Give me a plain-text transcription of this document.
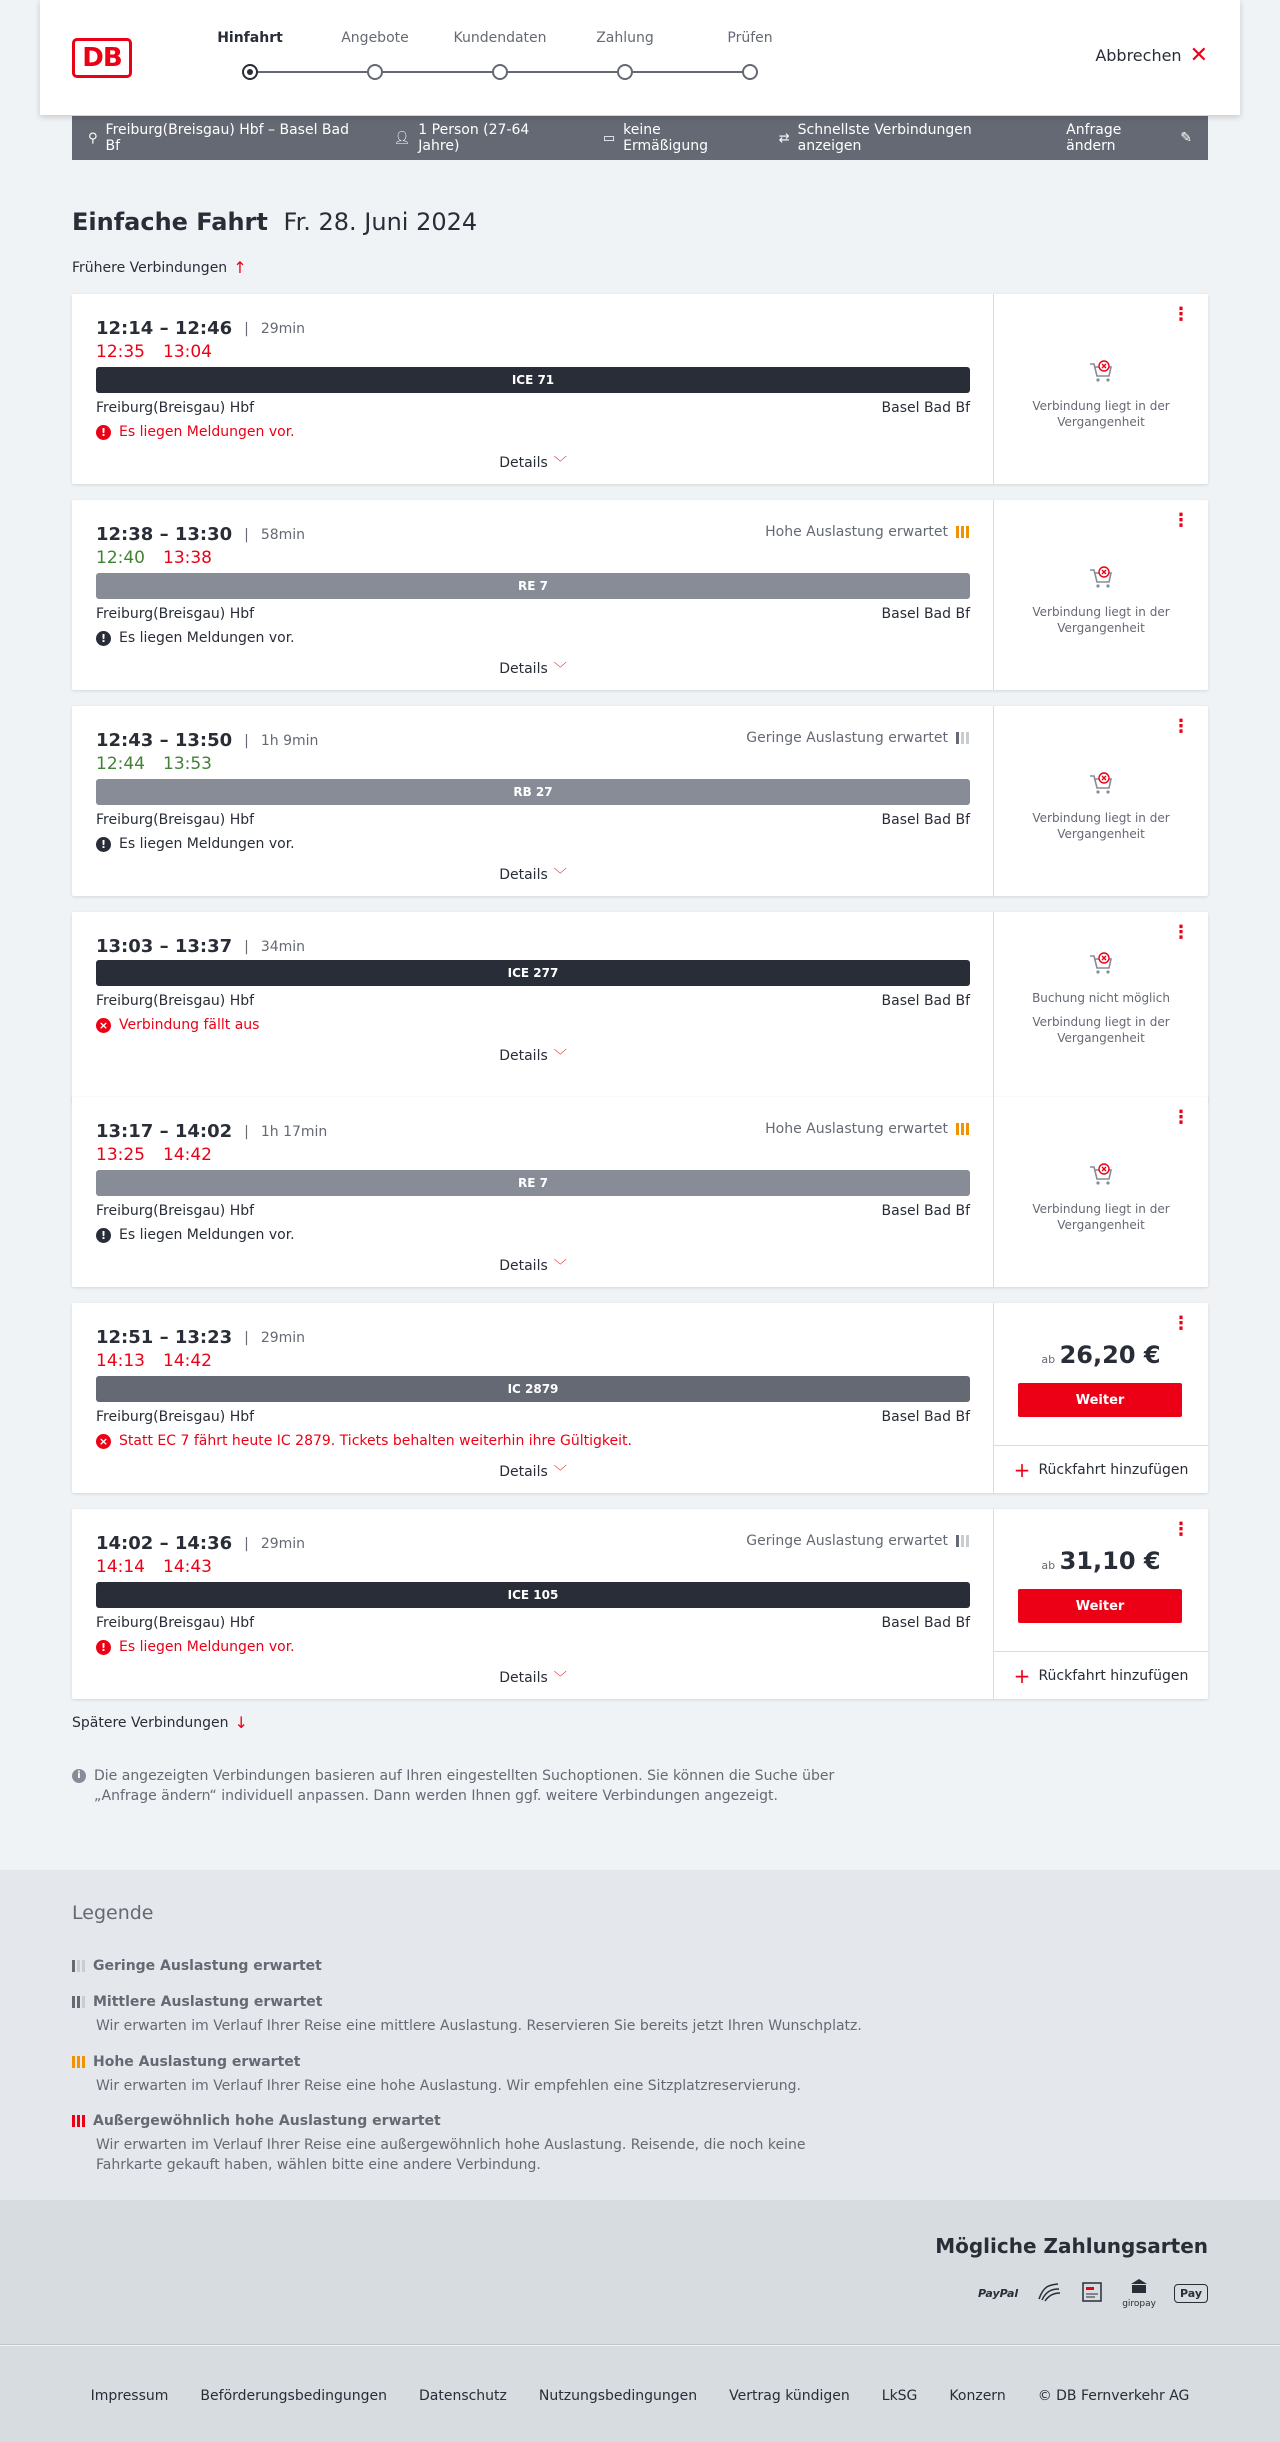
DB
Hinfahrt	Angebote	Kundendaten	Zahlung	Prüfen
Abbrechen ✕
⚲ Freiburg(Breisgau) Hbf – Basel Bad Bf	👤︎ 1 Person (27-64 Jahre)	▭ keine Ermäßigung	⇄ Schnellste Verbindungen anzeigen
Anfrage ändern	✎
Einfache Fahrt Fr. 28. Juni 2024
Frühere Verbindungen ↑
12:14 – 12:46 | 29min
12:35 13:04
ICE 71
Freiburg(Breisgau) Hbf	Basel Bad Bf
! Es liegen Meldungen vor.
Details ﹀
⋮
Verbindung liegt in der Vergangenheit
12:38 – 13:30 | 58min
12:40 13:38
Hohe Auslastung erwartet
RE 7
Freiburg(Breisgau) Hbf	Basel Bad Bf
! Es liegen Meldungen vor.
Details ﹀
⋮
Verbindung liegt in der Vergangenheit
12:43 – 13:50 | 1h 9min
12:44 13:53
Geringe Auslastung erwartet
RB 27
Freiburg(Breisgau) Hbf	Basel Bad Bf
! Es liegen Meldungen vor.
Details ﹀
⋮
Verbindung liegt in der Vergangenheit
13:03 – 13:37 | 34min
ICE 277
Freiburg(Breisgau) Hbf	Basel Bad Bf
× Verbindung fällt aus
Details ﹀
⋮
Buchung nicht möglich
Verbindung liegt in der Vergangenheit
13:17 – 14:02 | 1h 17min
13:25 14:42
Hohe Auslastung erwartet
RE 7
Freiburg(Breisgau) Hbf	Basel Bad Bf
! Es liegen Meldungen vor.
Details ﹀
⋮
Verbindung liegt in der Vergangenheit
12:51 – 13:23 | 29min
14:13 14:42
IC 2879
Freiburg(Breisgau) Hbf	Basel Bad Bf
× Statt EC 7 fährt heute IC 2879. Tickets behalten weiterhin ihre Gültigkeit.
Details ﹀
⋮
ab 26,20 €
Weiter
+ Rückfahrt hinzufügen
14:02 – 14:36 | 29min
14:14 14:43
Geringe Auslastung erwartet
ICE 105
Freiburg(Breisgau) Hbf	Basel Bad Bf
! Es liegen Meldungen vor.
Details ﹀
⋮
ab 31,10 €
Weiter
+ Rückfahrt hinzufügen
Spätere Verbindungen ↓
i Die angezeigten Verbindungen basieren auf Ihren eingestellten Suchoptionen. Sie können die Suche über „Anfrage ändern“ individuell anpassen. Dann werden Ihnen ggf. weitere Verbindungen angezeigt.
Legende
Geringe Auslastung erwartet
Mittlere Auslastung erwartet
Wir erwarten im Verlauf Ihrer Reise eine mittlere Auslastung. Reservieren Sie bereits jetzt Ihren Wunschplatz.
Hohe Auslastung erwartet
Wir erwarten im Verlauf Ihrer Reise eine hohe Auslastung. Wir empfehlen eine Sitzplatzreservierung.
Außergewöhnlich hohe Auslastung erwartet
Wir erwarten im Verlauf Ihrer Reise eine außergewöhnlich hohe Auslastung. Reisende, die noch keine Fahrkarte gekauft haben, wählen bitte eine andere Verbindung.
Mögliche Zahlungsarten
PayPal
giropay
Pay
Impressum Beförderungsbedingungen Datenschutz Nutzungsbedingungen Vertrag kündigen LkSG Konzern © DB Fernverkehr AG
